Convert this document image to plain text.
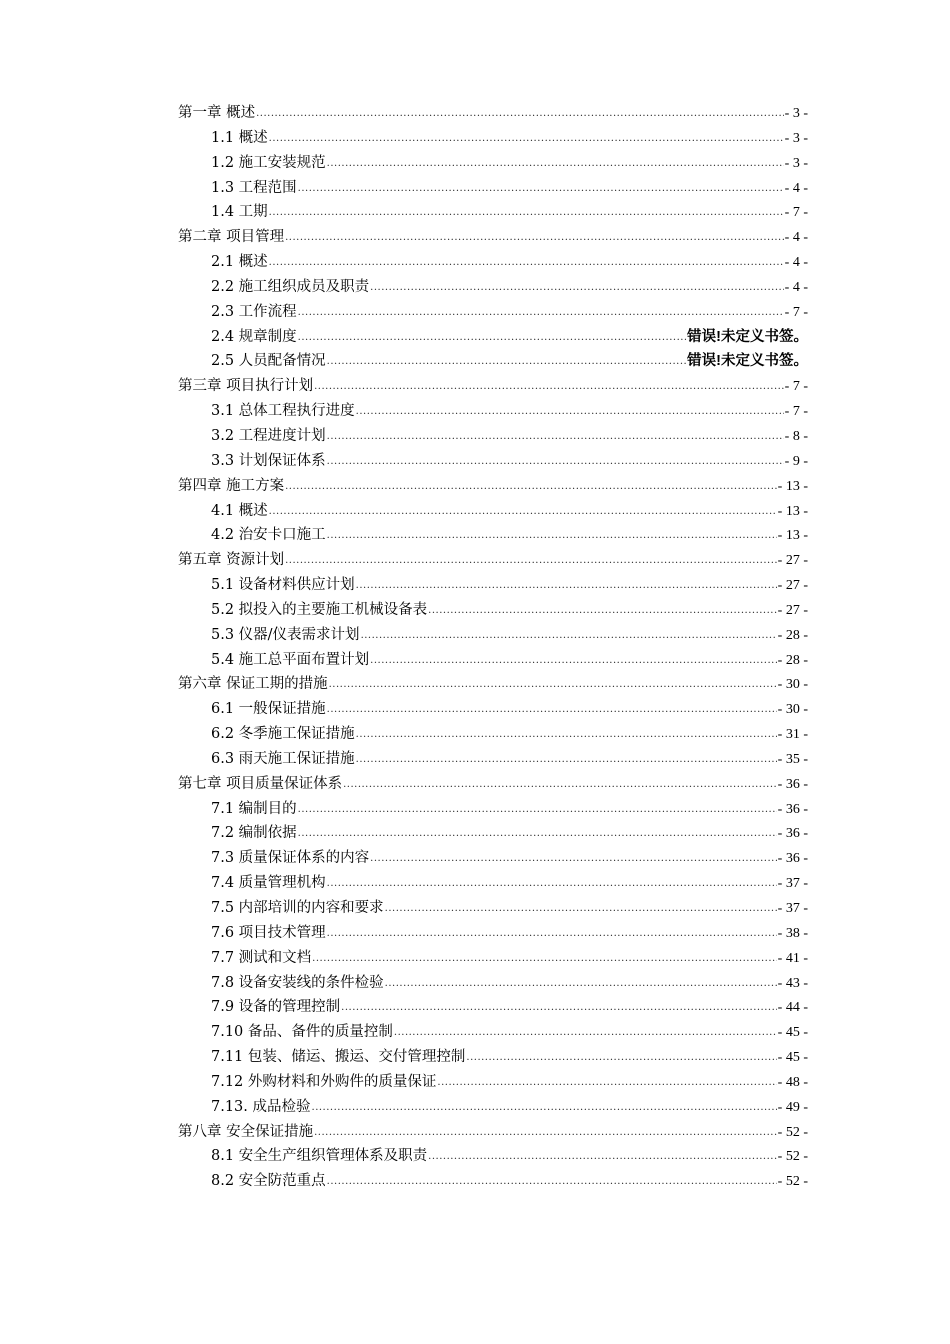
第一章 概述 .....	- 3 -
1.1 概述 .....	- 3 -
1.2 施工安装规范 .....	- 3 -
1.3 工程范围 .....	- 4 -
1.4 工期 .....	- 7 -
第二章 项目管理 .....	- 4 -
2.1 概述 .....	- 4 -
2.2 施工组织成员及职责 .....	- 4 -
2.3 工作流程 .....	- 7 -
2.4 规章制度 .....	错误!未定义书签。
2.5 人员配备情况 .....	错误!未定义书签。
第三章 项目执行计划 .....	- 7 -
3.1 总体工程执行进度 .....	- 7 -
3.2 工程进度计划 .....	- 8 -
3.3 计划保证体系 .....	- 9 -
第四章 施工方案 .....	- 13 -
4.1 概述 .....	- 13 -
4.2 治安卡口施工 .....	- 13 -
第五章 资源计划 .....	- 27 -
5.1 设备材料供应计划 .....	- 27 -
5.2 拟投入的主要施工机械设备表 .....	- 27 -
5.3 仪器/仪表需求计划 .....	- 28 -
5.4 施工总平面布置计划 .....	- 28 -
第六章 保证工期的措施 .....	- 30 -
6.1 一般保证措施 .....	- 30 -
6.2 冬季施工保证措施 .....	- 31 -
6.3 雨天施工保证措施 .....	- 35 -
第七章 项目质量保证体系 .....	- 36 -
7.1 编制目的 .....	- 36 -
7.2 编制依据 .....	- 36 -
7.3 质量保证体系的内容 .....	- 36 -
7.4 质量管理机构 .....	- 37 -
7.5 内部培训的内容和要求 .....	- 37 -
7.6 项目技术管理 .....	- 38 -
7.7 测试和文档 .....	- 41 -
7.8 设备安装线的条件检验 .....	- 43 -
7.9 设备的管理控制 .....	- 44 -
7.10 备品、备件的质量控制 .....	- 45 -
7.11 包装、储运、搬运、交付管理控制 .....	- 45 -
7.12 外购材料和外购件的质量保证 .....	- 48 -
7.13. 成品检验 .....	- 49 -
第八章 安全保证措施 .....	- 52 -
8.1 安全生产组织管理体系及职责 .....	- 52 -
8.2 安全防范重点 .....	- 52 -
